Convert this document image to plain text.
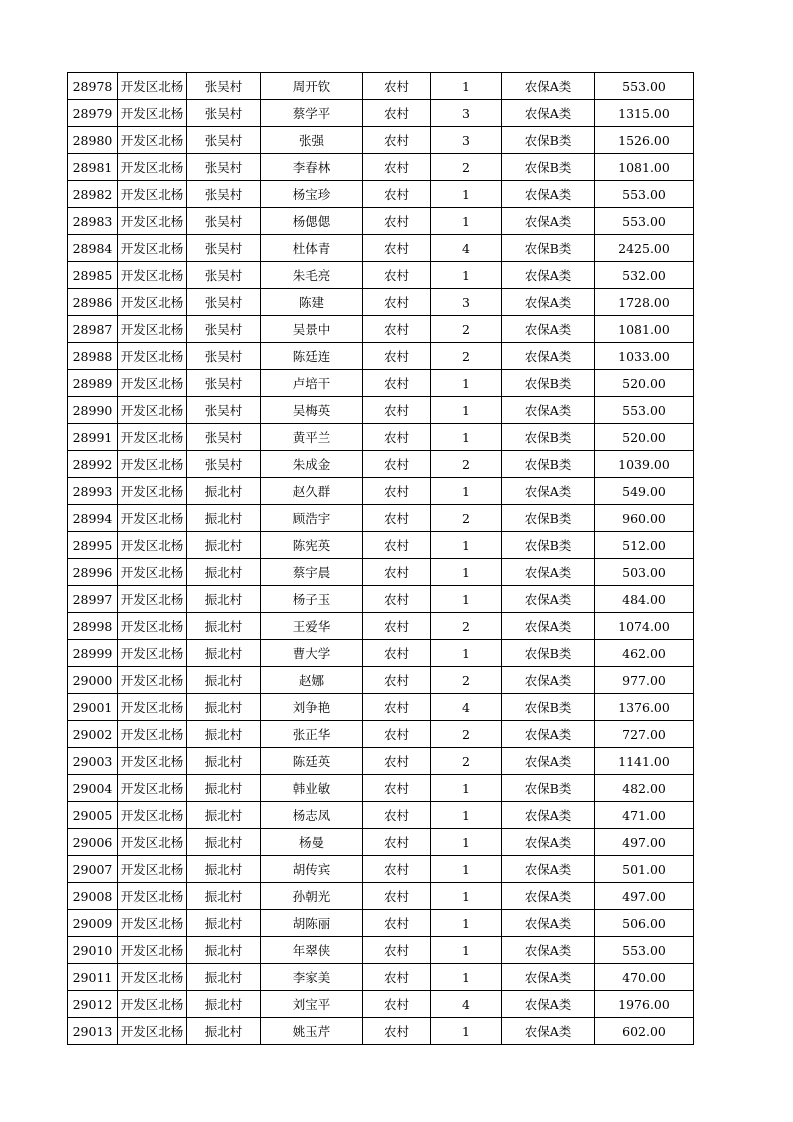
28978	开发区北杨	张吴村	周开钦	农村	1	农保A类	553.00
28979	开发区北杨	张吴村	蔡学平	农村	3	农保A类	1315.00
28980	开发区北杨	张吴村	张强	农村	3	农保B类	1526.00
28981	开发区北杨	张吴村	李春林	农村	2	农保B类	1081.00
28982	开发区北杨	张吴村	杨宝珍	农村	1	农保A类	553.00
28983	开发区北杨	张吴村	杨偲偲	农村	1	农保A类	553.00
28984	开发区北杨	张吴村	杜体青	农村	4	农保B类	2425.00
28985	开发区北杨	张吴村	朱毛亮	农村	1	农保A类	532.00
28986	开发区北杨	张吴村	陈建	农村	3	农保A类	1728.00
28987	开发区北杨	张吴村	吴景中	农村	2	农保A类	1081.00
28988	开发区北杨	张吴村	陈廷连	农村	2	农保A类	1033.00
28989	开发区北杨	张吴村	卢培干	农村	1	农保B类	520.00
28990	开发区北杨	张吴村	吴梅英	农村	1	农保A类	553.00
28991	开发区北杨	张吴村	黄平兰	农村	1	农保B类	520.00
28992	开发区北杨	张吴村	朱成金	农村	2	农保B类	1039.00
28993	开发区北杨	振北村	赵久群	农村	1	农保A类	549.00
28994	开发区北杨	振北村	顾浩宇	农村	2	农保B类	960.00
28995	开发区北杨	振北村	陈宪英	农村	1	农保B类	512.00
28996	开发区北杨	振北村	蔡宇晨	农村	1	农保A类	503.00
28997	开发区北杨	振北村	杨子玉	农村	1	农保A类	484.00
28998	开发区北杨	振北村	王爱华	农村	2	农保A类	1074.00
28999	开发区北杨	振北村	曹大学	农村	1	农保B类	462.00
29000	开发区北杨	振北村	赵娜	农村	2	农保A类	977.00
29001	开发区北杨	振北村	刘争艳	农村	4	农保B类	1376.00
29002	开发区北杨	振北村	张正华	农村	2	农保A类	727.00
29003	开发区北杨	振北村	陈廷英	农村	2	农保A类	1141.00
29004	开发区北杨	振北村	韩业敏	农村	1	农保B类	482.00
29005	开发区北杨	振北村	杨志凤	农村	1	农保A类	471.00
29006	开发区北杨	振北村	杨曼	农村	1	农保A类	497.00
29007	开发区北杨	振北村	胡传宾	农村	1	农保A类	501.00
29008	开发区北杨	振北村	孙朝光	农村	1	农保A类	497.00
29009	开发区北杨	振北村	胡陈丽	农村	1	农保A类	506.00
29010	开发区北杨	振北村	年翠侠	农村	1	农保A类	553.00
29011	开发区北杨	振北村	李家美	农村	1	农保A类	470.00
29012	开发区北杨	振北村	刘宝平	农村	4	农保A类	1976.00
29013	开发区北杨	振北村	姚玉芹	农村	1	农保A类	602.00
